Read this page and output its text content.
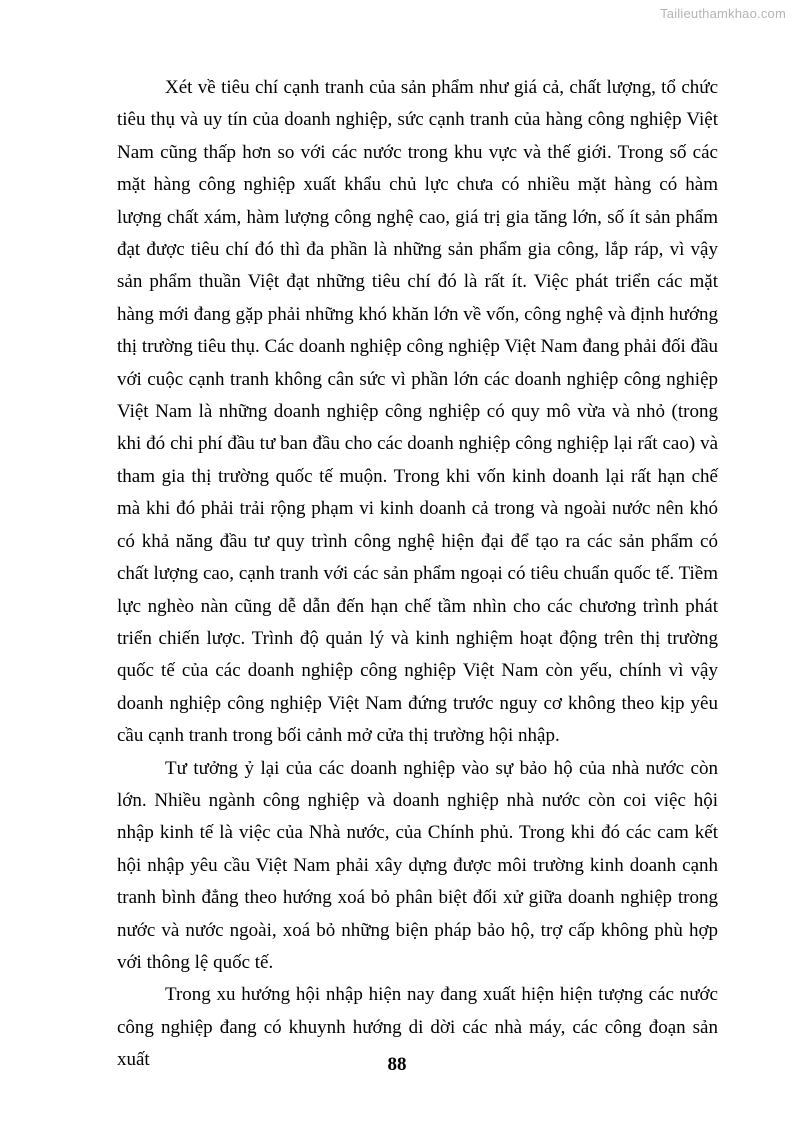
Tailieuthamkhao.com

Xét về tiêu chí cạnh tranh của sản phẩm như giá cả, chất lượng, tổ chức tiêu thụ và uy tín của doanh nghiệp, sức cạnh tranh của hàng công nghiệp Việt Nam cũng thấp hơn so với các nước trong khu vực và thế giới. Trong số các mặt hàng công nghiệp xuất khẩu chủ lực chưa có nhiều mặt hàng có hàm lượng chất xám, hàm lượng công nghệ cao, giá trị gia tăng lớn, số ít sản phẩm đạt được tiêu chí đó thì đa phần là những sản phẩm gia công, lắp ráp, vì vậy sản phẩm thuần Việt đạt những tiêu chí đó là rất ít. Việc phát triển các mặt hàng mới đang gặp phải những khó khăn lớn về vốn, công nghệ và định hướng thị trường tiêu thụ. Các doanh nghiệp công nghiệp Việt Nam đang phải đối đầu với cuộc cạnh tranh không cân sức vì phần lớn các doanh nghiệp công nghiệp Việt Nam là những doanh nghiệp công nghiệp có quy mô vừa và nhỏ (trong khi đó chi phí đầu tư ban đầu cho các doanh nghiệp công nghiệp lại rất cao) và tham gia thị trường quốc tế muộn. Trong khi vốn kinh doanh lại rất hạn chế mà khi đó phải trải rộng phạm vi kinh doanh cả trong và ngoài nước nên khó có khả năng đầu tư quy trình công nghệ hiện đại để tạo ra các sản phẩm có chất lượng cao, cạnh tranh với các sản phẩm ngoại có tiêu chuẩn quốc tế. Tiềm lực nghèo nàn cũng dễ dẫn đến hạn chế tầm nhìn cho các chương trình phát triển chiến lược. Trình độ quản lý và kinh nghiệm hoạt động trên thị trường quốc tế của các doanh nghiệp công nghiệp Việt Nam còn yếu, chính vì vậy doanh nghiệp công nghiệp Việt Nam đứng trước nguy cơ không theo kịp yêu cầu cạnh tranh trong bối cảnh mở cửa thị trường hội nhập.

Tư tưởng ỷ lại của các doanh nghiệp vào sự bảo hộ của nhà nước còn lớn. Nhiều ngành công nghiệp và doanh nghiệp nhà nước còn coi việc hội nhập kinh tế là việc của Nhà nước, của Chính phủ. Trong khi đó các cam kết hội nhập yêu cầu Việt Nam phải xây dựng được môi trường kinh doanh cạnh tranh bình đẳng theo hướng xoá bỏ phân biệt đối xử giữa doanh nghiệp trong nước và nước ngoài, xoá bỏ những biện pháp bảo hộ, trợ cấp không phù hợp với thông lệ quốc tế.

Trong xu hướng hội nhập hiện nay đang xuất hiện hiện tượng các nước công nghiệp đang có khuynh hướng di dời các nhà máy, các công đoạn sản xuất	88
